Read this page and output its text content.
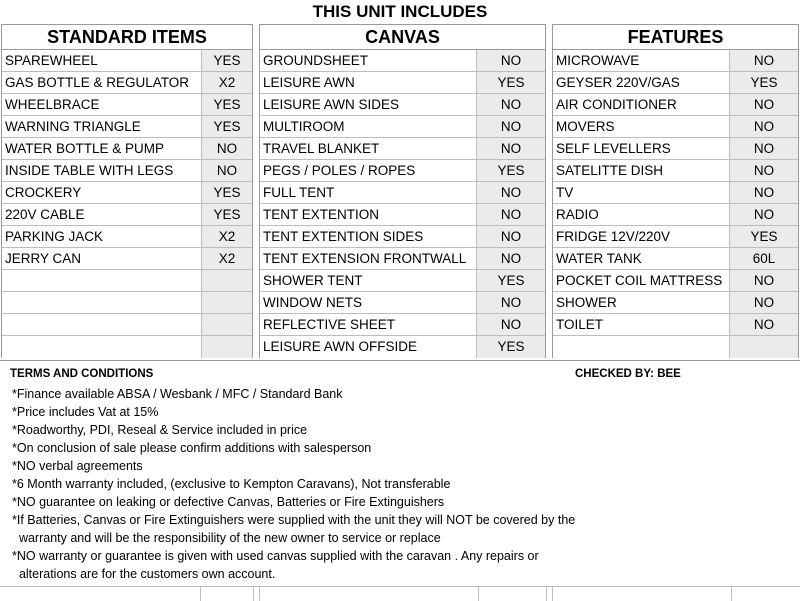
THIS UNIT INCLUDES
STANDARD ITEMS
SPAREWHEEL	YES
GAS BOTTLE & REGULATOR	X2
WHEELBRACE	YES
WARNING TRIANGLE	YES
WATER BOTTLE & PUMP	NO
INSIDE TABLE WITH LEGS	NO
CROCKERY	YES
220V CABLE	YES
PARKING JACK	X2
JERRY CAN	X2
CANVAS
GROUNDSHEET	NO
LEISURE AWN	YES
LEISURE AWN SIDES	NO
MULTIROOM	NO
TRAVEL BLANKET	NO
PEGS / POLES / ROPES	YES
FULL TENT	NO
TENT EXTENTION	NO
TENT EXTENTION SIDES	NO
TENT EXTENSION FRONTWALL	NO
SHOWER TENT	YES
WINDOW NETS	NO
REFLECTIVE SHEET	NO
LEISURE AWN OFFSIDE	YES
FEATURES
MICROWAVE	NO
GEYSER 220V/GAS	YES
AIR CONDITIONER	NO
MOVERS	NO
SELF LEVELLERS	NO
SATELITTE DISH	NO
TV	NO
RADIO	NO
FRIDGE 12V/220V	YES
WATER TANK	60L
POCKET COIL MATTRESS	NO
SHOWER	NO
TOILET	NO
TERMS AND CONDITIONS	CHECKED BY: BEE
*Finance available ABSA / Wesbank / MFC / Standard Bank
*Price includes Vat at 15%
*Roadworthy, PDI, Reseal & Service included in price
*On conclusion of sale please confirm additions with salesperson
*NO verbal agreements
*6 Month warranty included, (exclusive to Kempton Caravans), Not transferable
*NO guarantee on leaking or defective Canvas, Batteries or Fire Extinguishers
*If Batteries, Canvas or Fire Extinguishers were supplied with the unit they will NOT be covered by the
warranty and will be the responsibility of the new owner to service or replace
*NO warranty or guarantee is given with used canvas supplied with the caravan . Any repairs or
alterations are for the customers own account.
